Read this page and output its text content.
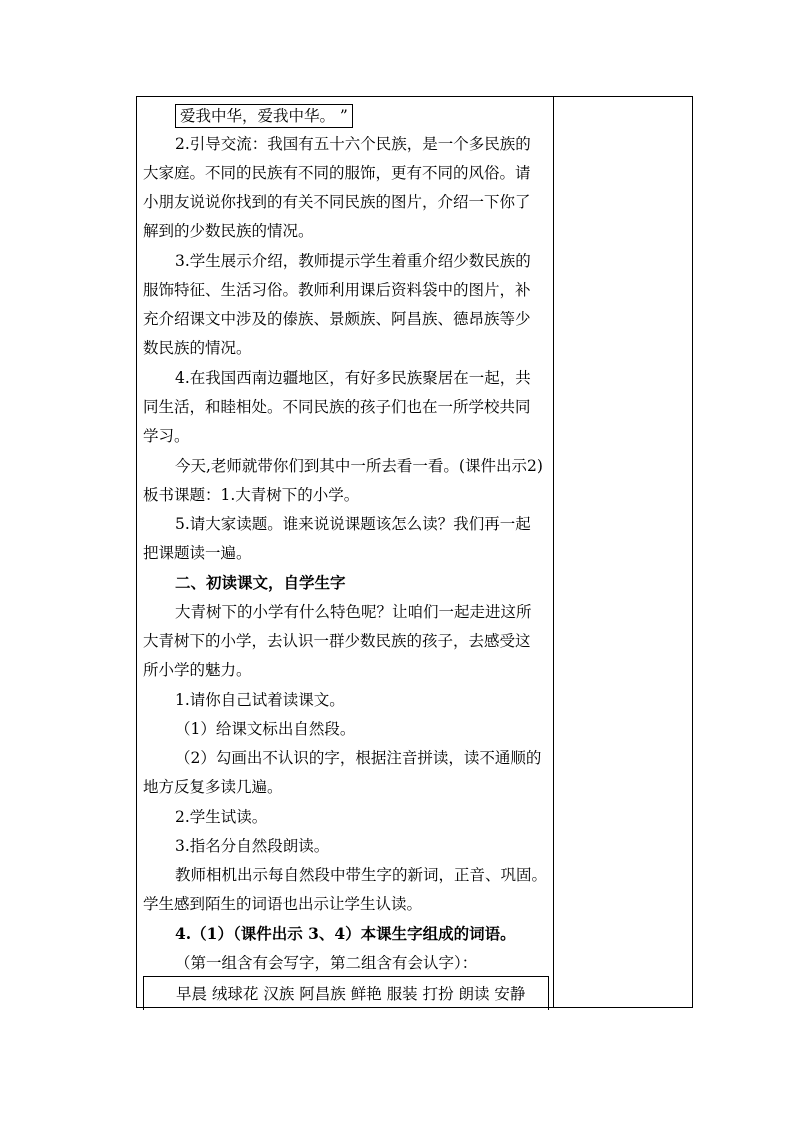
爱我中华，爱我中华。 ”
2.引导交流：我国有五十六个民族，是一个多民族的
大家庭。不同的民族有不同的服饰，更有不同的风俗。请
小朋友说说你找到的有关不同民族的图片，介绍一下你了
解到的少数民族的情况。
3.学生展示介绍，教师提示学生着重介绍少数民族的
服饰特征、生活习俗。教师利用课后资料袋中的图片，补
充介绍课文中涉及的傣族、景颇族、阿昌族、德昂族等少
数民族的情况。
4.在我国西南边疆地区，有好多民族聚居在一起，共
同生活，和睦相处。不同民族的孩子们也在一所学校共同
学习。
今天,老师就带你们到其中一所去看一看。(课件出示2)
板书课题：1.大青树下的小学。
5.请大家读题。谁来说说课题该怎么读？我们再一起
把课题读一遍。
二、初读课文，自学生字
大青树下的小学有什么特色呢？让咱们一起走进这所
大青树下的小学，去认识一群少数民族的孩子，去感受这
所小学的魅力。
1.请你自己试着读课文。
（1）给课文标出自然段。
（2）勾画出不认识的字，根据注音拼读，读不通顺的
地方反复多读几遍。
2.学生试读。
3.指名分自然段朗读。
教师相机出示每自然段中带生字的新词，正音、巩固。
学生感到陌生的词语也出示让学生认读。
4.（1）（课件出示 3、4）本课生字组成的词语。
（第一组含有会写字，第二组含有会认字）：
早晨 绒球花 汉族 阿昌族 鲜艳 服装 打扮 朗读 安静
